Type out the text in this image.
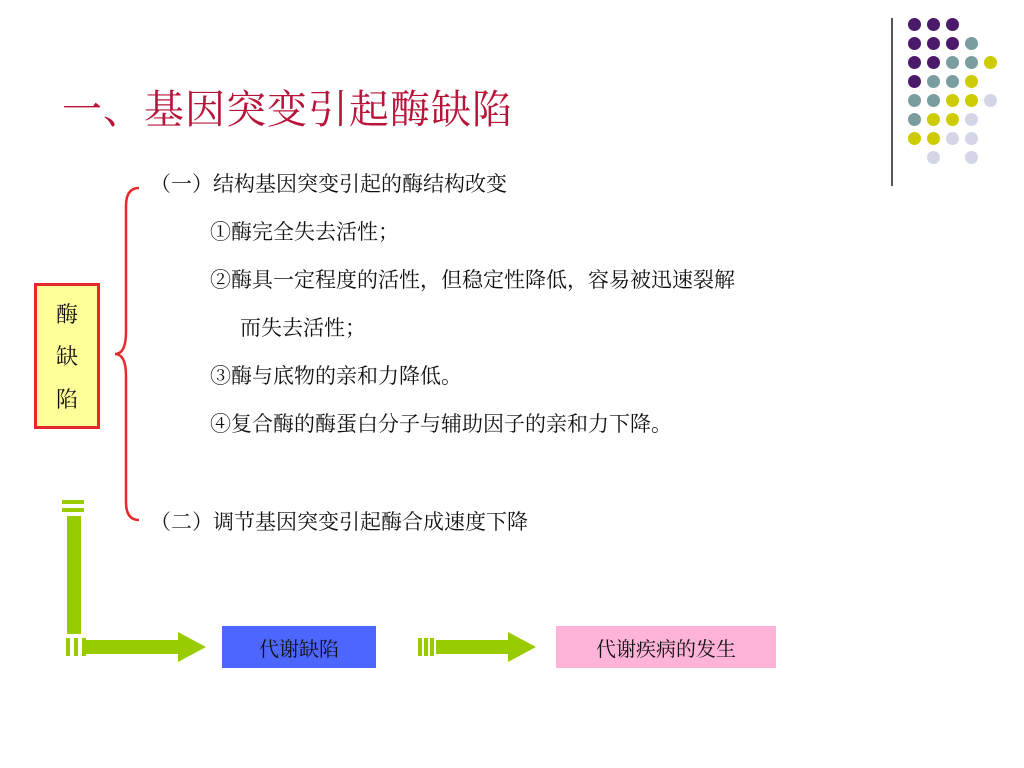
一、基因突变引起酶缺陷
酶
缺
陷
（一）结构基因突变引起的酶结构改变
①酶完全失去活性；
②酶具一定程度的活性，但稳定性降低，容易被迅速裂解
而失去活性；
③酶与底物的亲和力降低。
④复合酶的酶蛋白分子与辅助因子的亲和力下降。
（二）调节基因突变引起酶合成速度下降
代谢缺陷	代谢疾病的发生
